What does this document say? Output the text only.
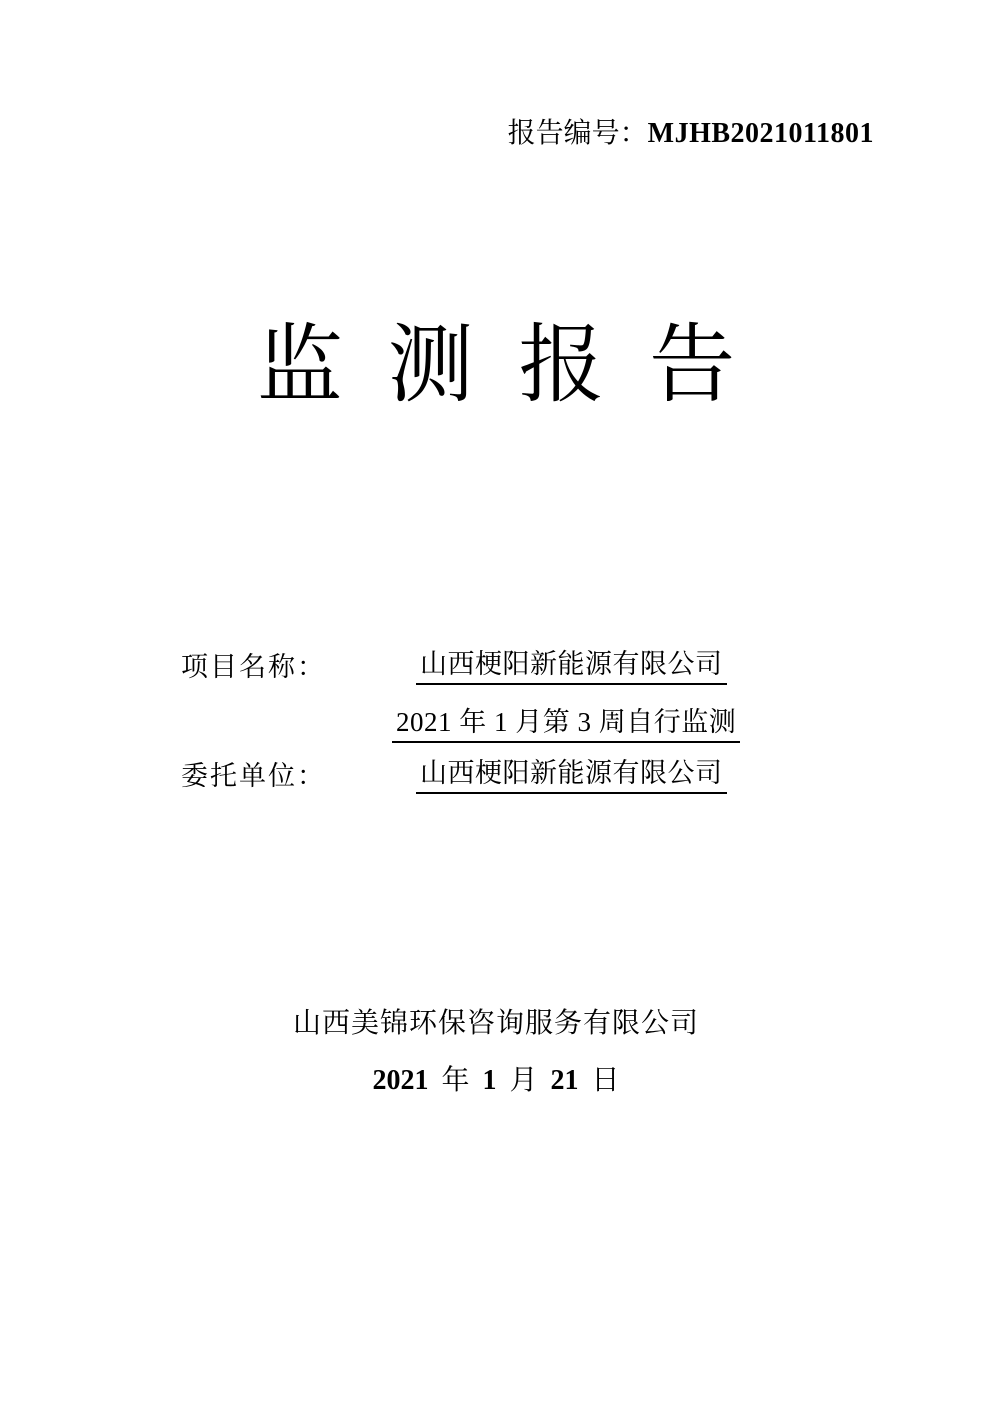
报告编号：MJHB2021011801
监测报告
项目名称：	山西梗阳新能源有限公司
2021 年 1 月第 3 周自行监测
委托单位：	山西梗阳新能源有限公司
山西美锦环保咨询服务有限公司
2021 年 1 月 21 日
